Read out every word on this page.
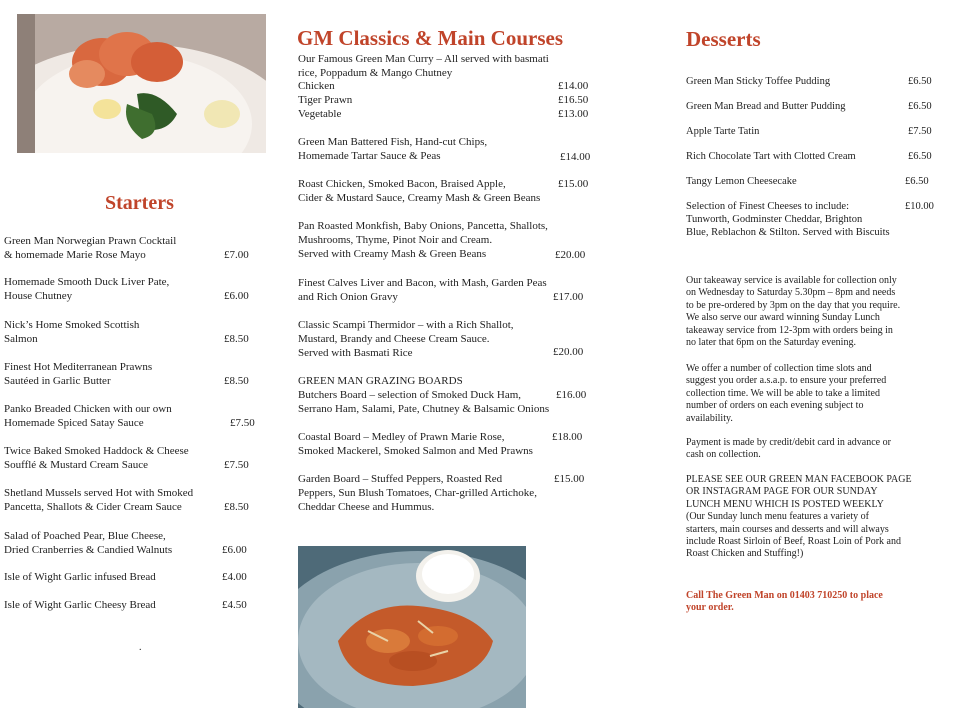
Starters
Green Man Norwegian Prawn Cocktail
& homemade Marie Rose Mayo	£7.00
Homemade Smooth Duck Liver Pate,
House Chutney	£6.00
Nick’s Home Smoked Scottish
Salmon	£8.50
Finest Hot Mediterranean Prawns
Sautéed in Garlic Butter	£8.50
Panko Breaded Chicken with our own
Homemade Spiced Satay Sauce	£7.50
Twice Baked Smoked Haddock & Cheese
Soufflé & Mustard Cream Sauce	£7.50
Shetland Mussels served Hot with Smoked
Pancetta, Shallots & Cider Cream Sauce	£8.50
Salad of Poached Pear, Blue Cheese,
Dried Cranberries & Candied Walnuts	£6.00
Isle of Wight Garlic infused Bread	£4.00
Isle of Wight Garlic Cheesy Bread	£4.50
.
GM Classics & Main Courses
Our Famous Green Man Curry – All served with basmati
rice, Poppadum & Mango Chutney
Chicken	£14.00
Tiger Prawn	£16.50
Vegetable	£13.00
Green Man Battered Fish, Hand-cut Chips,
Homemade Tartar Sauce & Peas	£14.00
Roast Chicken, Smoked Bacon, Braised Apple,
Cider & Mustard Sauce, Creamy Mash & Green Beans
£15.00
Pan Roasted Monkfish, Baby Onions, Pancetta, Shallots,
Mushrooms, Thyme, Pinot Noir and Cream.
Served with Creamy Mash & Green Beans	£20.00
Finest Calves Liver and Bacon, with Mash, Garden Peas
and Rich Onion Gravy	£17.00
Classic Scampi Thermidor – with a Rich Shallot,
Mustard, Brandy and Cheese Cream Sauce.
Served with Basmati Rice	£20.00
GREEN MAN GRAZING BOARDS
Butchers Board – selection of Smoked Duck Ham,
Serrano Ham, Salami, Pate, Chutney & Balsamic Onions
£16.00
Coastal Board – Medley of Prawn Marie Rose,
Smoked Mackerel, Smoked Salmon and Med Prawns
£18.00
Garden Board – Stuffed Peppers, Roasted Red
Peppers, Sun Blush Tomatoes, Char-grilled Artichoke,
Cheddar Cheese and Hummus.
£15.00
Desserts
Green Man Sticky Toffee Pudding	£6.50
Green Man Bread and Butter Pudding	£6.50
Apple Tarte Tatin	£7.50
Rich Chocolate Tart with Clotted Cream	£6.50
Tangy Lemon Cheesecake	£6.50
Selection of Finest Cheeses to include:
Tunworth, Godminster Cheddar, Brighton
Blue, Reblachon & Stilton. Served with Biscuits
£10.00
Our takeaway service is available for collection only
on Wednesday to Saturday 5.30pm – 8pm and needs
to be pre-ordered by 3pm on the day that you require.
We also serve our award winning Sunday Lunch
takeaway service from 12-3pm with orders being in
no later that 6pm on the Saturday evening.
We offer a number of collection time slots and
suggest you order a.s.a.p. to ensure your preferred
collection time. We will be able to take a limited
number of orders on each evening subject to
availability.
Payment is made by credit/debit card in advance or
cash on collection.
PLEASE SEE OUR GREEN MAN FACEBOOK PAGE
OR INSTAGRAM PAGE FOR OUR SUNDAY
LUNCH MENU WHICH IS POSTED WEEKLY
(Our Sunday lunch menu features a variety of
starters, main courses and desserts and will always
include Roast Sirloin of Beef, Roast Loin of Pork and
Roast Chicken and Stuffing!)
Call The Green Man on 01403 710250 to place
your order.
